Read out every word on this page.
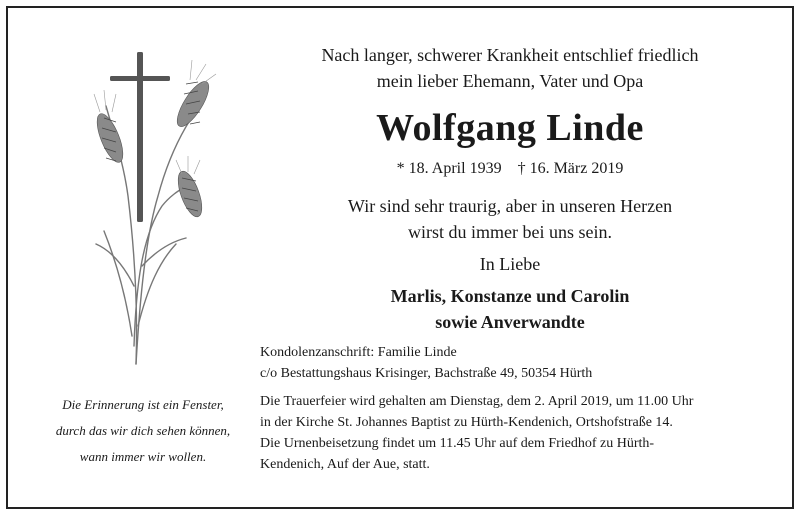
Die Erinnerung ist ein Fenster,
durch das wir dich sehen können,
wann immer wir wollen.
Nach langer, schwerer Krankheit entschlief friedlich
mein lieber Ehemann, Vater und Opa
Wolfgang Linde
* 18. April 1939 † 16. März 2019
Wir sind sehr traurig, aber in unseren Herzen
wirst du immer bei uns sein.
In Liebe
Marlis, Konstanze und Carolin
sowie Anverwandte
Kondolenzanschrift: Familie Linde
c/o Bestattungshaus Krisinger, Bachstraße 49, 50354 Hürth
Die Trauerfeier wird gehalten am Dienstag, dem 2. April 2019, um 11.00 Uhr
in der Kirche St. Johannes Baptist zu Hürth-Kendenich, Ortshofstraße 14.
Die Urnenbeisetzung findet um 11.45 Uhr auf dem Friedhof zu Hürth-
Kendenich, Auf der Aue, statt.
